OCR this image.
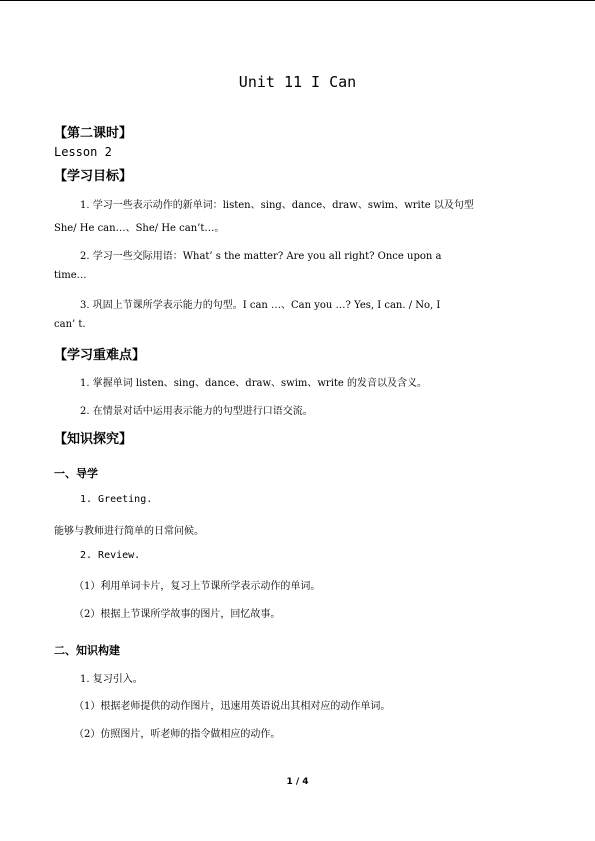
Unit 11 I Can
【第二课时】
Lesson 2
【学习目标】
1. 学习一些表示动作的新单词：listen、sing、dance、draw、swim、write 以及句型
She/ He can…、She/ He can’t…。
2. 学习一些交际用语：What’ s the matter? Are you all right? Once upon a
time…
3. 巩固上节课所学表示能力的句型。I can …、Can you …? Yes, I can. / No, I
can’ t.
【学习重难点】
1. 掌握单词 listen、sing、dance、draw、swim、write 的发音以及含义。
2. 在情景对话中运用表示能力的句型进行口语交流。
【知识探究】
一、导学
1. Greeting.
能够与教师进行简单的日常问候。
2. Review.
（1）利用单词卡片，复习上节课所学表示动作的单词。
（2）根据上节课所学故事的图片，回忆故事。
二、知识构建
1. 复习引入。
（1）根据老师提供的动作图片，迅速用英语说出其相对应的动作单词。
（2）仿照图片，听老师的指令做相应的动作。
1 / 4
